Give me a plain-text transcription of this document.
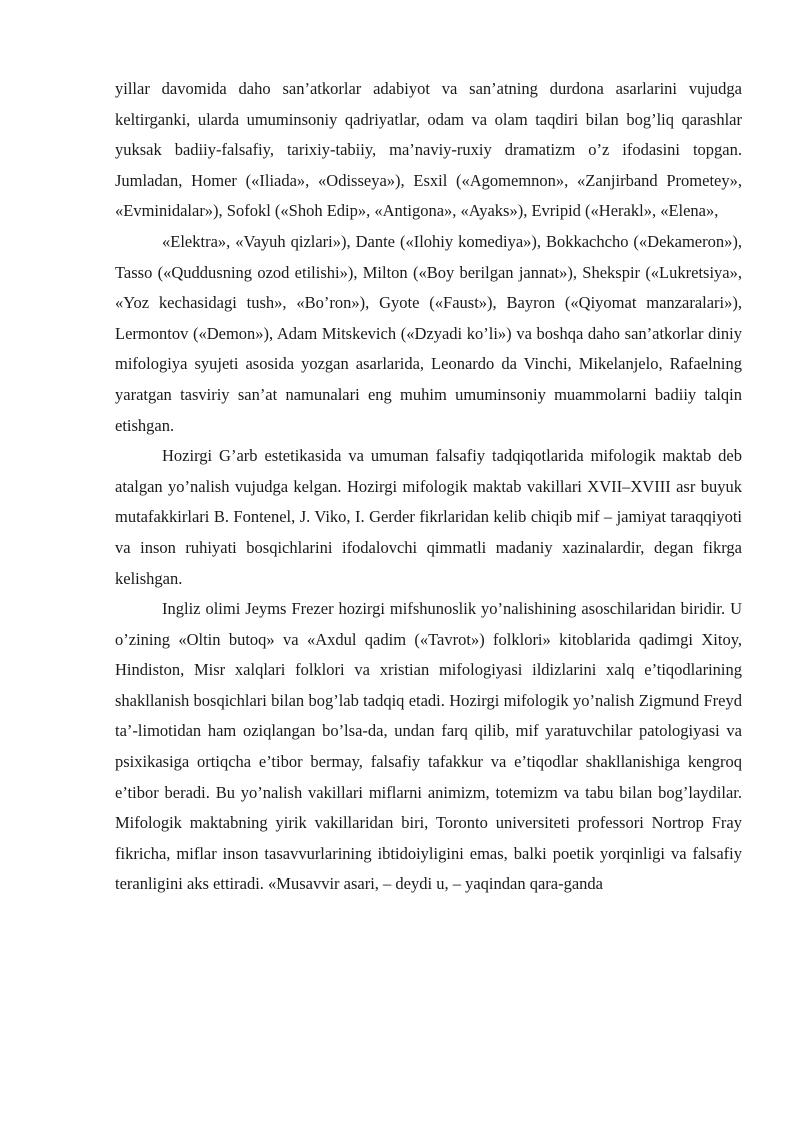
yillar davomida daho san’atkorlar adabiyot va san’atning durdona asarlarini vujudga keltirganki, ularda umuminsoniy qadriyatlar, odam va olam taqdiri bilan bog’liq qarashlar yuksak badiiy-falsafiy, tarixiy-tabiiy, ma’naviy-ruxiy dramatizm o’z ifodasini topgan. Jumladan, Homer («Iliada», «Odisseya»), Esxil («Agomemnon», «Zanjirband Prometey», «Evminidalar»), Sofokl («Shoh Edip», «Antigona», «Ayaks»), Evripid («Herakl», «Elena»,

«Elektra», «Vayuh qizlari»), Dante («Ilohiy komediya»), Bokkachcho («Dekameron»), Tasso («Quddusning ozod etilishi»), Milton («Boy berilgan jannat»), Shekspir («Lukretsiya», «Yoz kechasidagi tush», «Bo’ron»), Gyote («Faust»), Bayron («Qiyomat manzaralari»), Lermontov («Demon»), Adam Mitskevich («Dzyadi ko’li») va boshqa daho san’atkorlar diniy mifologiya syujeti asosida yozgan asarlarida, Leonardo da Vinchi, Mikelanjelo, Rafaelning yaratgan tasviriy san’at namunalari eng muhim umuminsoniy muammolarni badiiy talqin etishgan.

Hozirgi G’arb estetikasida va umuman falsafiy tadqiqotlarida mifologik maktab deb atalgan yo’nalish vujudga kelgan. Hozirgi mifologik maktab vakillari XVII–XVIII asr buyuk mutafakkirlari B. Fontenel, J. Viko, I. Gerder fikrlaridan kelib chiqib mif – jamiyat taraqqiyoti va inson ruhiyati bosqichlarini ifodalovchi qimmatli madaniy xazinalardir, degan fikrga kelishgan.

Ingliz olimi Jeyms Frezer hozirgi mifshunoslik yo’nalishining asoschilaridan biridir. U o’zining «Oltin butoq» va «Axdul qadim («Tavrot») folklori» kitoblarida qadimgi Xitoy, Hindiston, Misr xalqlari folklori va xristian mifologiyasi ildizlarini xalq e’tiqodlarining shakllanish bosqichlari bilan bog’lab tadqiq etadi. Hozirgi mifologik yo’nalish Zigmund Freyd ta’-limotidan ham oziqlangan bo’lsa-da, undan farq qilib, mif yaratuvchilar patologiyasi va psixikasiga ortiqcha e’tibor bermay, falsafiy tafakkur va e’tiqodlar shakllanishiga kengroq e’tibor beradi. Bu yo’nalish vakillari miflarni animizm, totemizm va tabu bilan bog’laydilar. Mifologik maktabning yirik vakillaridan biri, Toronto universiteti professori Nortrop Fray fikricha, miflar inson tasavvurlarining ibtidoiyligini emas, balki poetik yorqinligi va falsafiy teranligini aks ettiradi. «Musavvir asari, – deydi u, – yaqindan qara-ganda
